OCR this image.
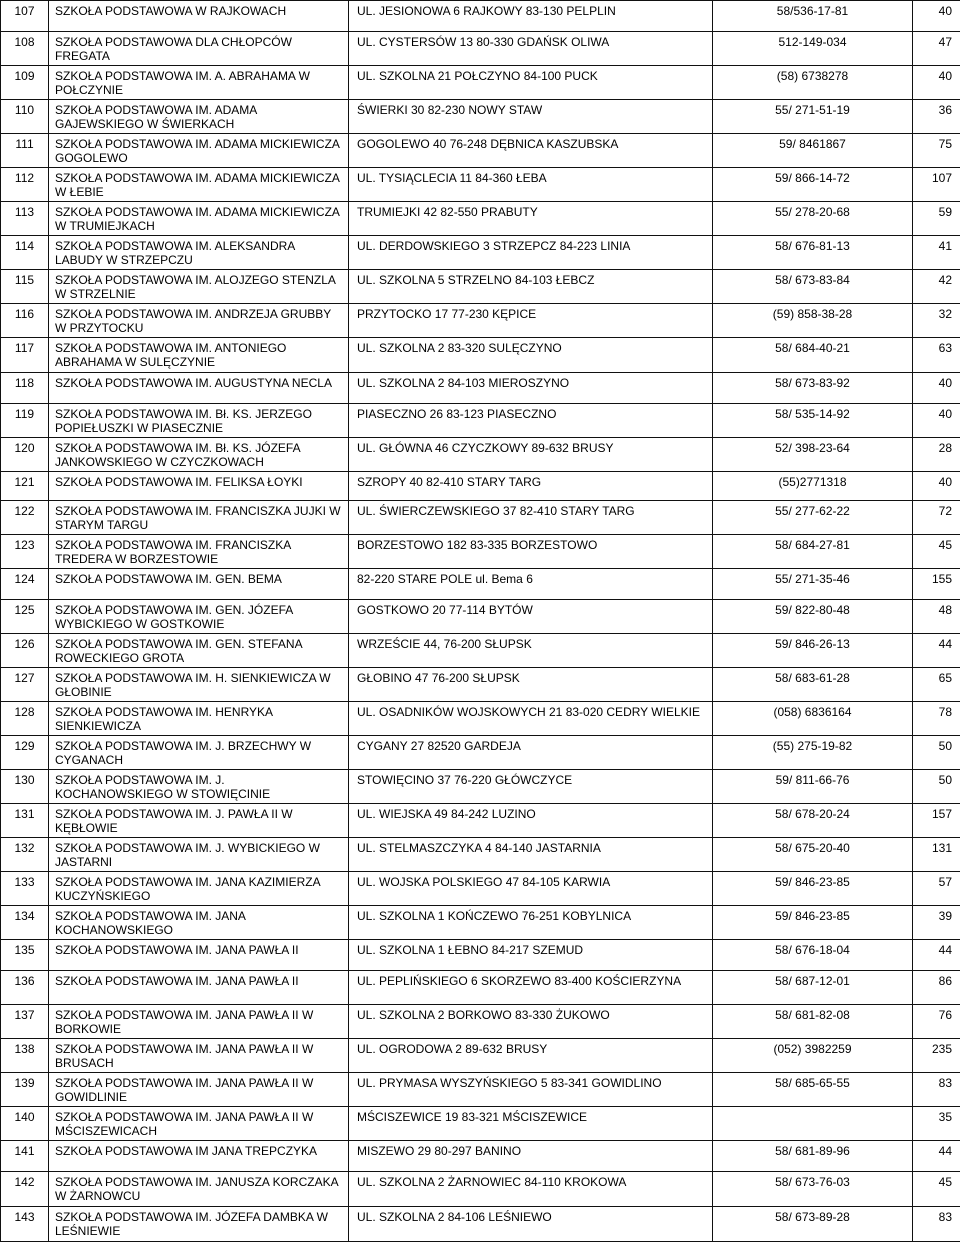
107	SZKOŁA PODSTAWOWA W RAJKOWACH	UL. JESIONOWA 6 RAJKOWY 83-130 PELPLIN	58/536-17-81	40
108	SZKOŁA PODSTAWOWA DLA CHŁOPCÓW FREGATA	UL. CYSTERSÓW 13 80-330 GDAŃSK OLIWA	512-149-034	47
109	SZKOŁA PODSTAWOWA IM. A. ABRAHAMA W POŁCZYNIE	UL. SZKOLNA 21 POŁCZYNO 84-100 PUCK	(58) 6738278	40
110	SZKOŁA PODSTAWOWA IM. ADAMA GAJEWSKIEGO W ŚWIERKACH	ŚWIERKI 30 82-230 NOWY STAW	55/ 271-51-19	36
111	SZKOŁA PODSTAWOWA IM. ADAMA MICKIEWICZA GOGOLEWO	GOGOLEWO 40 76-248 DĘBNICA KASZUBSKA	59/ 8461867	75
112	SZKOŁA PODSTAWOWA IM. ADAMA MICKIEWICZA W ŁEBIE	UL. TYSIĄCLECIA 11 84-360 ŁEBA	59/ 866-14-72	107
113	SZKOŁA PODSTAWOWA IM. ADAMA MICKIEWICZA W TRUMIEJKACH	TRUMIEJKI 42 82-550 PRABUTY	55/ 278-20-68	59
114	SZKOŁA PODSTAWOWA IM. ALEKSANDRA LABUDY W STRZEPCZU	UL. DERDOWSKIEGO 3 STRZEPCZ 84-223 LINIA	58/ 676-81-13	41
115	SZKOŁA PODSTAWOWA IM. ALOJZEGO STENZLA W STRZELNIE	UL. SZKOLNA 5 STRZELNO 84-103 ŁEBCZ	58/ 673-83-84	42
116	SZKOŁA PODSTAWOWA IM. ANDRZEJA GRUBBY W PRZYTOCKU	PRZYTOCKO 17 77-230 KĘPICE	(59) 858-38-28	32
117	SZKOŁA PODSTAWOWA IM. ANTONIEGO ABRAHAMA W SULĘCZYNIE	UL. SZKOLNA 2 83-320 SULĘCZYNO	58/ 684-40-21	63
118	SZKOŁA PODSTAWOWA IM. AUGUSTYNA NECLA	UL. SZKOLNA 2 84-103 MIEROSZYNO	58/ 673-83-92	40
119	SZKOŁA PODSTAWOWA IM. Bł. KS. JERZEGO POPIEŁUSZKI W PIASECZNIE	PIASECZNO 26 83-123 PIASECZNO	58/ 535-14-92	40
120	SZKOŁA PODSTAWOWA IM. Bł. KS. JÓZEFA JANKOWSKIEGO W CZYCZKOWACH	UL. GŁÓWNA 46 CZYCZKOWY 89-632 BRUSY	52/ 398-23-64	28
121	SZKOŁA PODSTAWOWA IM. FELIKSA ŁOYKI	SZROPY 40 82-410 STARY TARG	(55)2771318	40
122	SZKOŁA PODSTAWOWA IM. FRANCISZKA JUJKI W STARYM TARGU	UL. ŚWIERCZEWSKIEGO 37 82-410 STARY TARG	55/ 277-62-22	72
123	SZKOŁA PODSTAWOWA IM. FRANCISZKA TREDERA W BORZESTOWIE	BORZESTOWO 182 83-335 BORZESTOWO	58/ 684-27-81	45
124	SZKOŁA PODSTAWOWA IM. GEN. BEMA	82-220 STARE POLE ul. Bema 6	55/ 271-35-46	155
125	SZKOŁA PODSTAWOWA IM. GEN. JÓZEFA WYBICKIEGO W GOSTKOWIE	GOSTKOWO 20 77-114 BYTÓW	59/ 822-80-48	48
126	SZKOŁA PODSTAWOWA IM. GEN. STEFANA ROWECKIEGO GROTA	WRZEŚCIE 44, 76-200 SŁUPSK	59/ 846-26-13	44
127	SZKOŁA PODSTAWOWA IM. H. SIENKIEWICZA W GŁOBINIE	GŁOBINO 47 76-200 SŁUPSK	58/ 683-61-28	65
128	SZKOŁA PODSTAWOWA IM. HENRYKA SIENKIEWICZA	UL. OSADNIKÓW WOJSKOWYCH 21 83-020 CEDRY WIELKIE	(058) 6836164	78
129	SZKOŁA PODSTAWOWA IM. J. BRZECHWY W CYGANACH	CYGANY 27 82520 GARDEJA	(55) 275-19-82	50
130	SZKOŁA PODSTAWOWA IM. J. KOCHANOWSKIEGO W STOWIĘCINIE	STOWIĘCINO 37 76-220 GŁÓWCZYCE	59/ 811-66-76	50
131	SZKOŁA PODSTAWOWA IM. J. PAWŁA II W KĘBŁOWIE	UL. WIEJSKA 49 84-242 LUZINO	58/ 678-20-24	157
132	SZKOŁA PODSTAWOWA IM. J. WYBICKIEGO W JASTARNI	UL. STELMASZCZYKA 4 84-140 JASTARNIA	58/ 675-20-40	131
133	SZKOŁA PODSTAWOWA IM. JANA KAZIMIERZA KUCZYŃSKIEGO	UL. WOJSKA POLSKIEGO 47 84-105 KARWIA	59/ 846-23-85	57
134	SZKOŁA PODSTAWOWA IM. JANA KOCHANOWSKIEGO	UL. SZKOLNA 1 KOŃCZEWO 76-251 KOBYLNICA	59/ 846-23-85	39
135	SZKOŁA PODSTAWOWA IM. JANA PAWŁA II	UL. SZKOLNA 1 ŁEBNO 84-217 SZEMUD	58/ 676-18-04	44
136	SZKOŁA PODSTAWOWA IM. JANA PAWŁA II	UL. PEPLIŃSKIEGO 6 SKORZEWO 83-400 KOŚCIERZYNA	58/ 687-12-01	86
137	SZKOŁA PODSTAWOWA IM. JANA PAWŁA II W BORKOWIE	UL. SZKOLNA 2 BORKOWO 83-330 ŻUKOWO	58/ 681-82-08	76
138	SZKOŁA PODSTAWOWA IM. JANA PAWŁA II W BRUSACH	UL. OGRODOWA 2 89-632 BRUSY	(052) 3982259	235
139	SZKOŁA PODSTAWOWA IM. JANA PAWŁA II W GOWIDLINIE	UL. PRYMASA WYSZYŃSKIEGO 5 83-341 GOWIDLINO	58/ 685-65-55	83
140	SZKOŁA PODSTAWOWA IM. JANA PAWŁA II W MŚCISZEWICACH	MŚCISZEWICE 19 83-321 MŚCISZEWICE		35
141	SZKOŁA PODSTAWOWA IM JANA TREPCZYKA	MISZEWO 29 80-297 BANINO	58/ 681-89-96	44
142	SZKOŁA PODSTAWOWA IM. JANUSZA KORCZAKA W ŻARNOWCU	UL. SZKOLNA 2 ŻARNOWIEC 84-110 KROKOWA	58/ 673-76-03	45
143	SZKOŁA PODSTAWOWA IM. JÓZEFA DAMBKA W LEŚNIEWIE	UL. SZKOLNA 2 84-106 LEŚNIEWO	58/ 673-89-28	83
